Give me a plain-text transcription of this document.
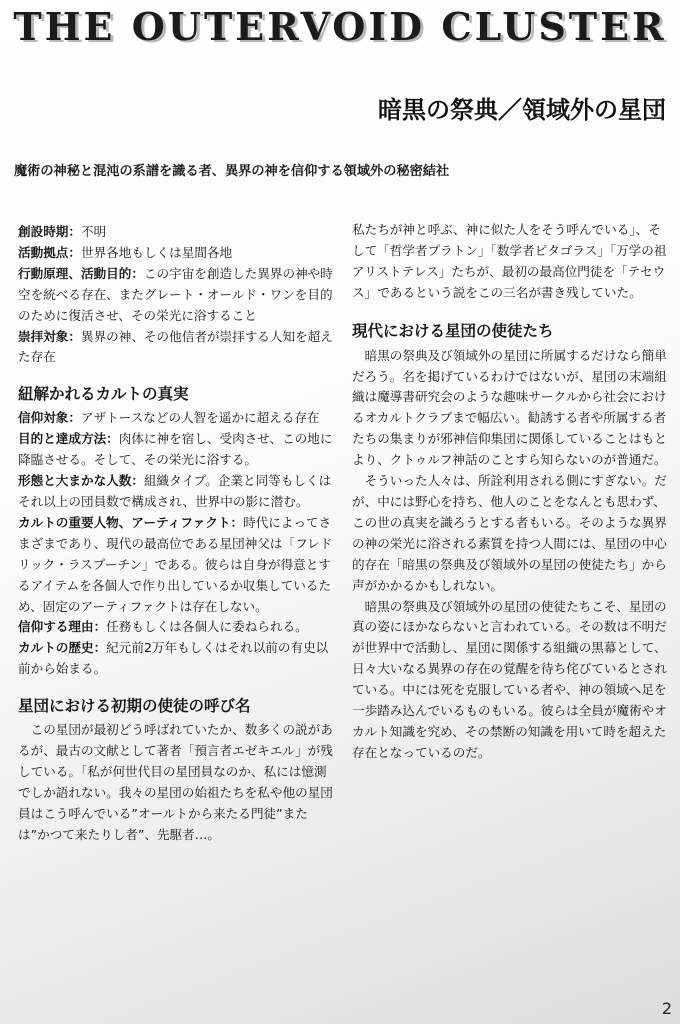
THE OUTERVOID CLUSTER
暗黒の祭典／領域外の星団
魔術の神秘と混沌の系譜を識る者、異界の神を信仰する領域外の秘密結社

創設時期：不明

活動拠点：世界各地もしくは星間各地

行動原理、活動目的：この宇宙を創造した異界の神や時空を統べる存在、またグレート・オールド・ワンを目的のために復活させ、その栄光に浴すること

崇拝対象：異界の神、その他信者が崇拝する人知を超えた存在

紐解かれるカルトの真実

信仰対象：アザトースなどの人智を遥かに超える存在

目的と達成方法：肉体に神を宿し、受肉させ、この地に降臨させる。そして、その栄光に浴する。

形態と大まかな人数：組織タイプ。企業と同等もしくはそれ以上の団員数で構成され、世界中の影に潜む。

カルトの重要人物、アーティファクト：時代によってさまざまであり、現代の最高位である星団神父は「フレドリック・ラスプーチン」である。彼らは自身が得意とするアイテムを各個人で作り出しているか収集しているため、固定のアーティファクトは存在しない。

信仰する理由：任務もしくは各個人に委ねられる。

カルトの歴史：紀元前2万年もしくはそれ以前の有史以前から始まる。

星団における初期の使徒の呼び名

この星団が最初どう呼ばれていたか、数多くの説があるが、最古の文献として著者「預言者エゼキエル」が残している。「私が何世代目の星団員なのか、私には憶測でしか語れない。我々の星団の始祖たちを私や他の星団員はこう呼んでいる”オールトから来たる門徒”または”かつて来たりし者”、先駆者…。

私たちが神と呼ぶ、神に似た人をそう呼んでいる」、そして「哲学者プラトン」「数学者ピタゴラス」「万学の祖アリストテレス」たちが、最初の最高位門徒を「テセウス」であるという説をこの三名が書き残していた。

現代における星団の使徒たち

暗黒の祭典及び領域外の星団に所属するだけなら簡単だろう。名を掲げているわけではないが、星団の末端組織は魔導書研究会のような趣味サークルから社会におけるオカルトクラブまで幅広い。勧誘する者や所属する者たちの集まりが邪神信仰集団に関係していることはもとより、クトゥルフ神話のことすら知らないのが普通だ。

そういった人々は、所詮利用される側にすぎない。だが、中には野心を持ち、他人のことをなんとも思わず、この世の真実を識ろうとする者もいる。そのような異界の神の栄光に浴される素質を持つ人間には、星団の中心的存在「暗黒の祭典及び領域外の星団の使徒たち」から声がかかるかもしれない。

暗黒の祭典及び領域外の星団の使徒たちこそ、星団の真の姿にほかならないと言われている。その数は不明だが世界中で活動し、星団に関係する組織の黒幕として、日々大いなる異界の存在の覚醒を待ち侘びているとされている。中には死を克服している者や、神の領域へ足を一歩踏み込んでいるものもいる。彼らは全員が魔術やオカルト知識を究め、その禁断の知識を用いて時を超えた存在となっているのだ。

2
